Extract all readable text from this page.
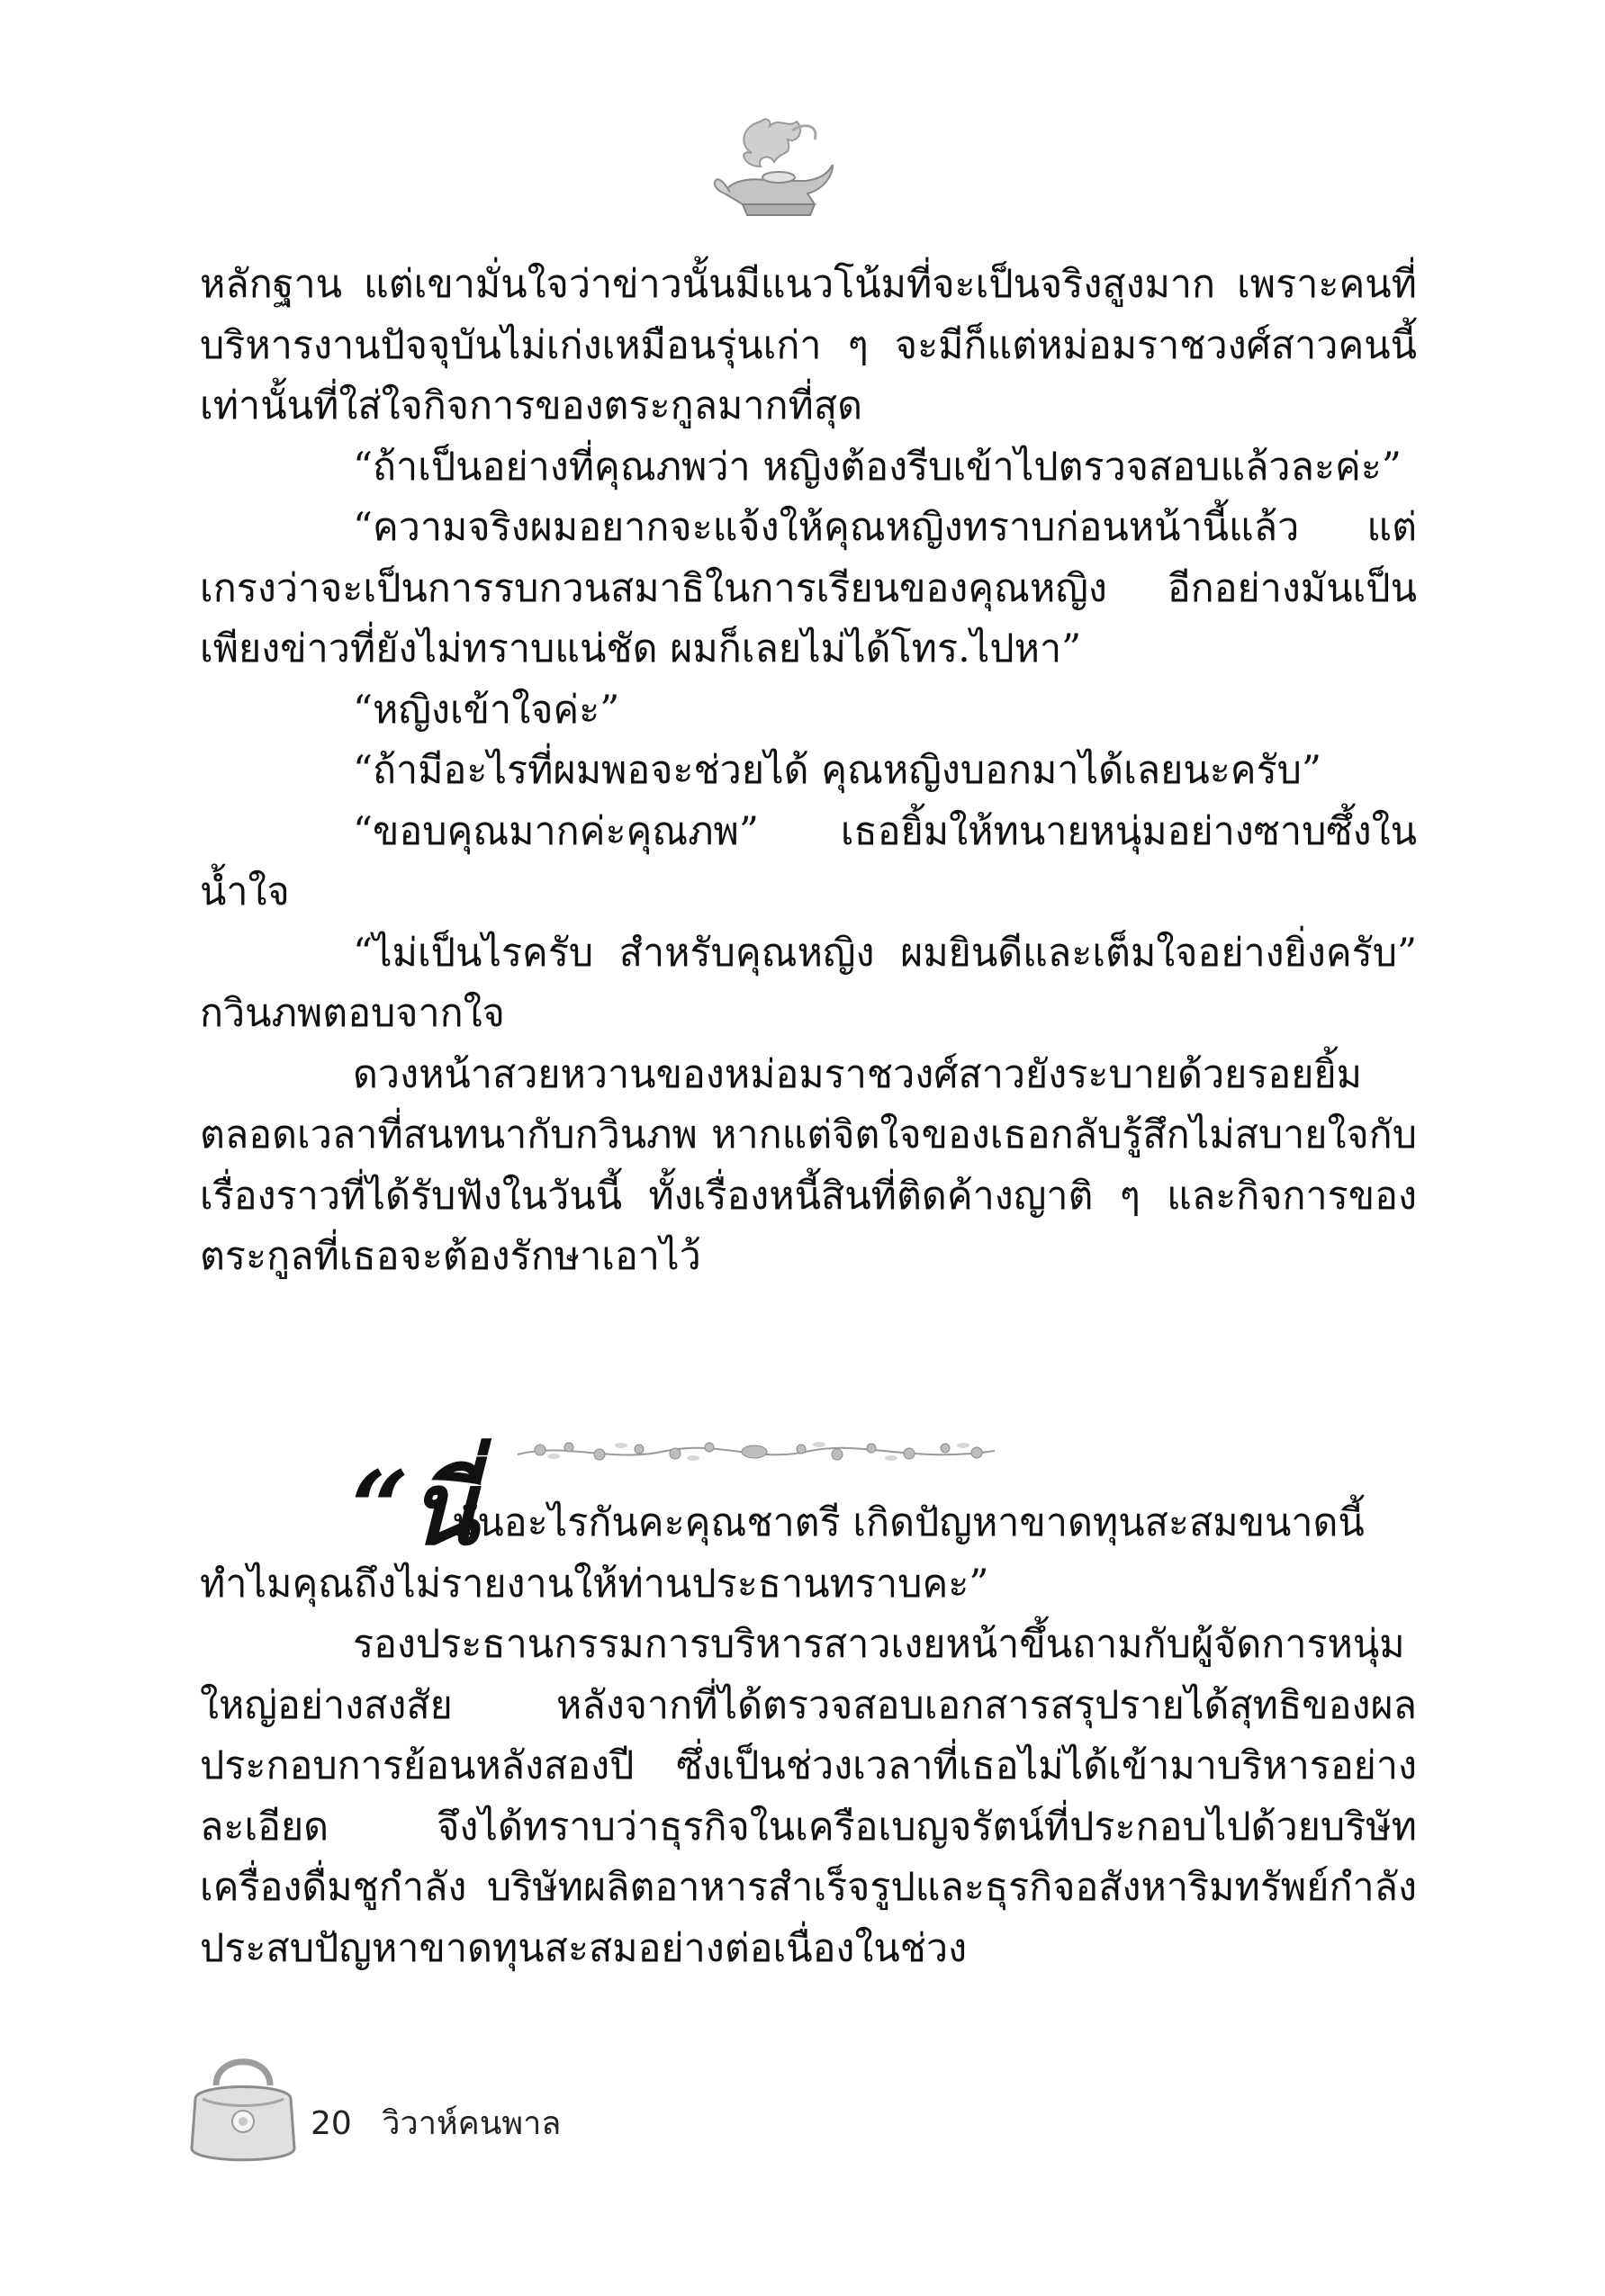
หลักฐาน แต่เขามั่นใจว่าข่าวนั้นมีแนวโน้มที่จะเป็นจริงสูงมาก เพราะคนที่บริหารงานปัจจุบันไม่เก่งเหมือนรุ่นเก่า ๆ จะมีก็แต่หม่อมราชวงศ์สาวคนนี้เท่านั้นที่ใส่ใจกิจการของตระกูลมากที่สุด

“ถ้าเป็นอย่างที่คุณภพว่า หญิงต้องรีบเข้าไปตรวจสอบแล้วละค่ะ”

“ความจริงผมอยากจะแจ้งให้คุณหญิงทราบก่อนหน้านี้แล้ว แต่เกรงว่าจะเป็นการรบกวนสมาธิในการเรียนของคุณหญิง อีกอย่างมันเป็นเพียงข่าวที่ยังไม่ทราบแน่ชัด ผมก็เลยไม่ได้โทร.ไปหา”

“หญิงเข้าใจค่ะ”

“ถ้ามีอะไรที่ผมพอจะช่วยได้ คุณหญิงบอกมาได้เลยนะครับ”

“ขอบคุณมากค่ะคุณภพ” เธอยิ้มให้ทนายหนุ่มอย่างซาบซึ้งในน้ำใจ

“ไม่เป็นไรครับ สำหรับคุณหญิง ผมยินดีและเต็มใจอย่างยิ่งครับ” กวินภพตอบจากใจ

ดวงหน้าสวยหวานของหม่อมราชวงศ์สาวยังระบายด้วยรอยยิ้มตลอดเวลาที่สนทนากับกวินภพ หากแต่จิตใจของเธอกลับรู้สึกไม่สบายใจกับเรื่องราวที่ได้รับฟังในวันนี้ ทั้งเรื่องหนี้สินที่ติดค้างญาติ ๆ และกิจการของตระกูลที่เธอจะต้องรักษาเอาไว้

“นี่
มันอะไรกันคะคุณชาตรี เกิดปัญหาขาดทุนสะสมขนาดนี้

ทำไมคุณถึงไม่รายงานให้ท่านประธานทราบคะ”

รองประธานกรรมการบริหารสาวเงยหน้าขึ้นถามกับผู้จัดการหนุ่มใหญ่อย่างสงสัย หลังจากที่ได้ตรวจสอบเอกสารสรุปรายได้สุทธิของผลประกอบการย้อนหลังสองปี ซึ่งเป็นช่วงเวลาที่เธอไม่ได้เข้ามาบริหารอย่างละเอียด จึงได้ทราบว่าธุรกิจในเครือเบญจรัตน์ที่ประกอบไปด้วยบริษัทเครื่องดื่มชูกำลัง บริษัทผลิตอาหารสำเร็จรูปและธุรกิจอสังหาริมทรัพย์กำลังประสบปัญหาขาดทุนสะสมอย่างต่อเนื่องในช่วง

20 วิวาห์คนพาล
